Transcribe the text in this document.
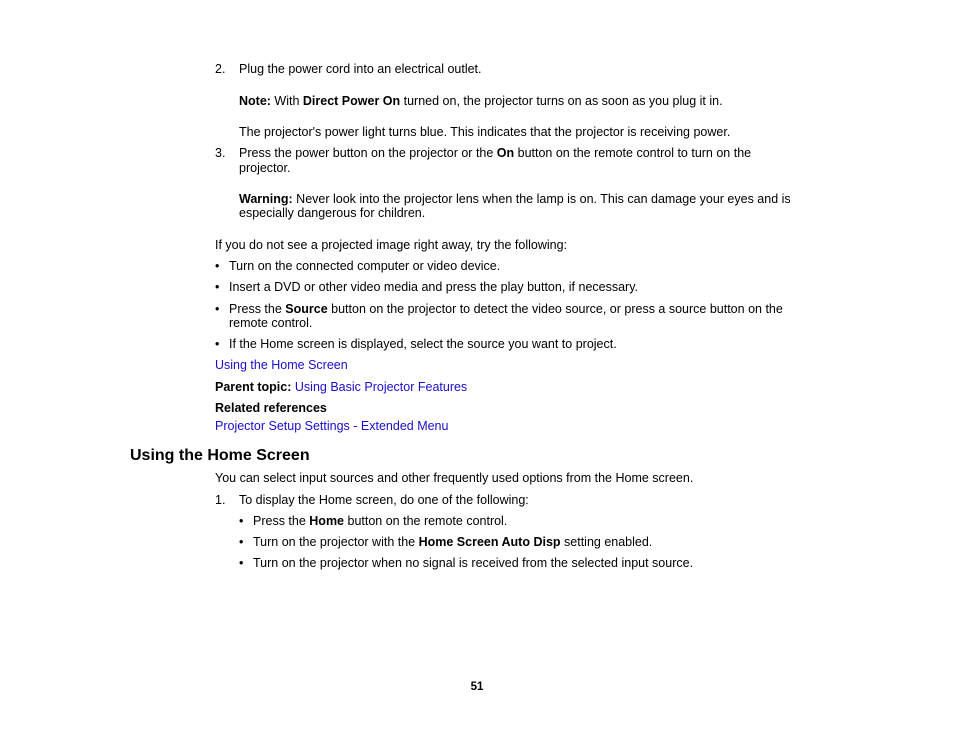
2. Plug the power cord into an electrical outlet.
Note: With Direct Power On turned on, the projector turns on as soon as you plug it in.
The projector's power light turns blue. This indicates that the projector is receiving power.
3. Press the power button on the projector or the On button on the remote control to turn on the
projector.
Warning: Never look into the projector lens when the lamp is on. This can damage your eyes and is
especially dangerous for children.
If you do not see a projected image right away, try the following:
• Turn on the connected computer or video device.
• Insert a DVD or other video media and press the play button, if necessary.
• Press the Source button on the projector to detect the video source, or press a source button on the
remote control.
• If the Home screen is displayed, select the source you want to project.
Using the Home Screen
Parent topic: Using Basic Projector Features
Related references
Projector Setup Settings - Extended Menu
Using the Home Screen
You can select input sources and other frequently used options from the Home screen.
1. To display the Home screen, do one of the following:
• Press the Home button on the remote control.
• Turn on the projector with the Home Screen Auto Disp setting enabled.
• Turn on the projector when no signal is received from the selected input source.
51
